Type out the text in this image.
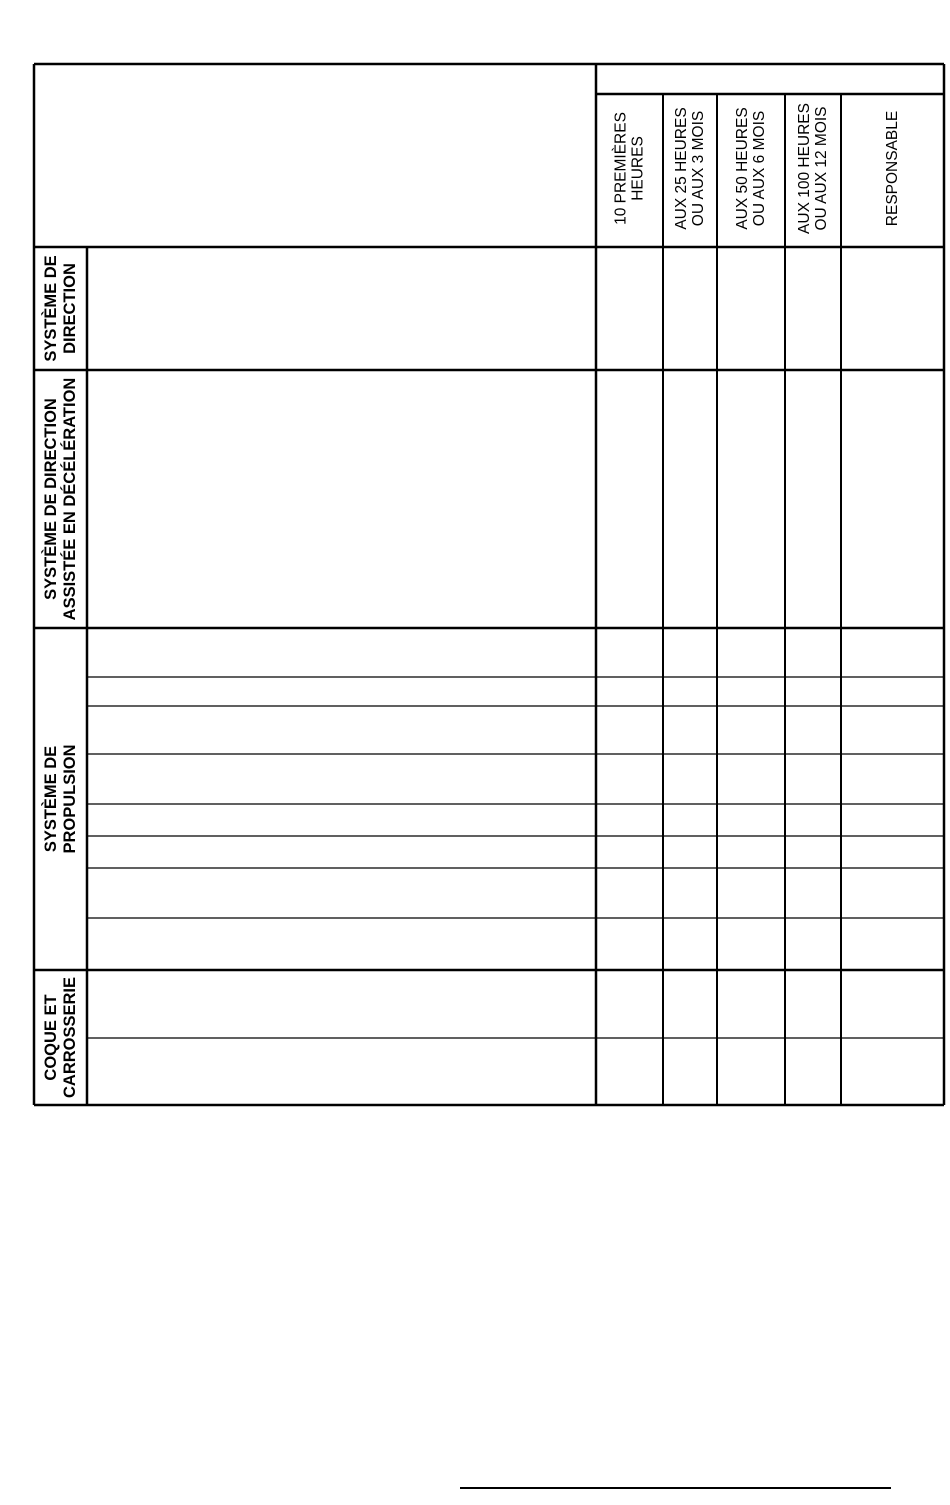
10 PREMIÈRES HEURES AUX 25 HEURES OU AUX 3 MOIS AUX 50 HEURES OU AUX 6 MOIS AUX 100 HEURES OU AUX 12 MOIS	RESPONSABLE
SYSTÈME DE DIRECTION
SYSTÈME DE DIRECTION ASSISTÉE EN DÉCÉLÉRATION
SYSTÈME DE PROPULSION
COQUE ET CARROSSERIE
